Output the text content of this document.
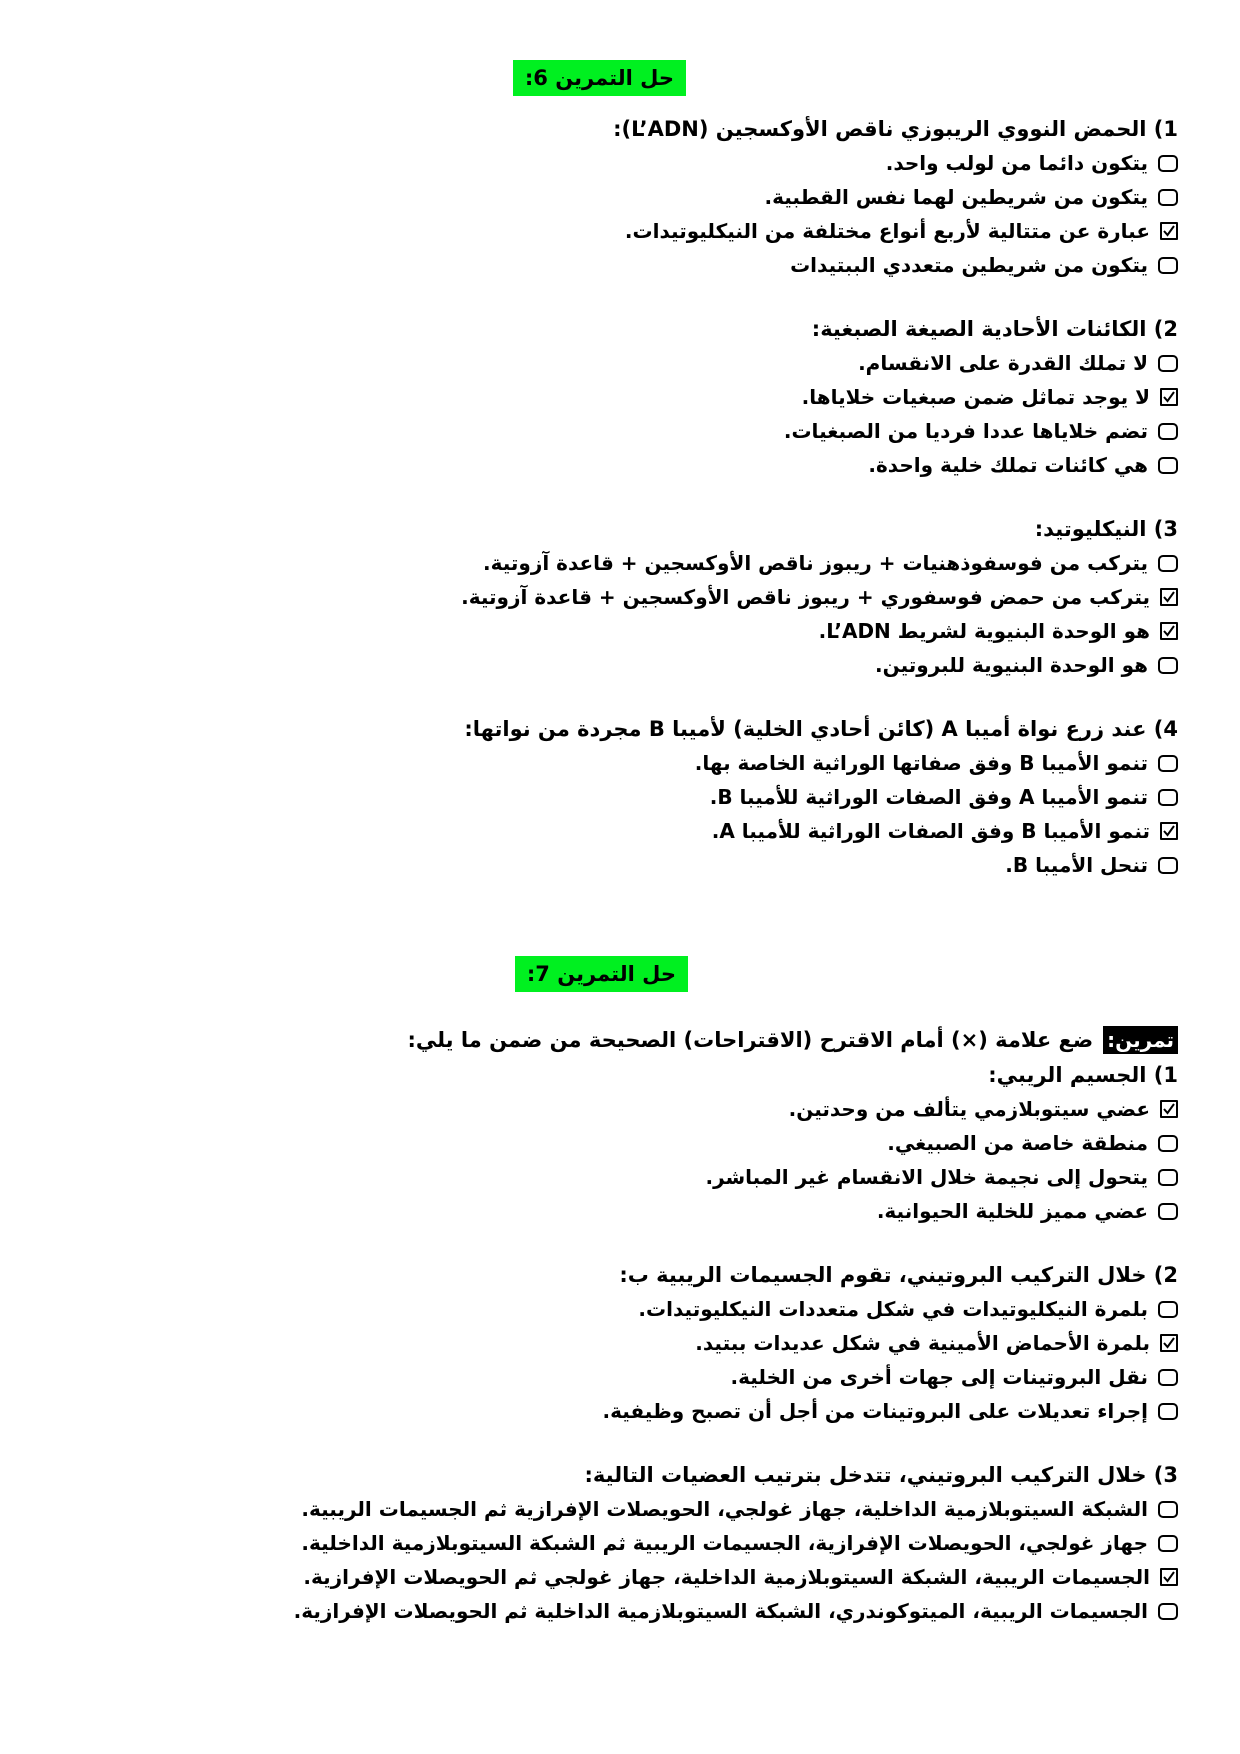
حل التمرين 6:
1) الحمض النووي الريبوزي ناقص الأوكسجين (L’ADN):
يتكون دائما من لولب واحد.
يتكون من شريطين لهما نفس القطبية.
عبارة عن متتالية لأربع أنواع مختلفة من النيكليوتيدات.
يتكون من شريطين متعددي الببتيدات
2) الكائنات الأحادية الصيغة الصبغية:
لا تملك القدرة على الانقسام.
لا يوجد تماثل ضمن صبغيات خلاياها.
تضم خلاياها عددا فرديا من الصبغيات.
هي كائنات تملك خلية واحدة.
3) النيكليوتيد:
يتركب من فوسفوذهنيات + ريبوز ناقص الأوكسجين + قاعدة آزوتية.
يتركب من حمض فوسفوري + ريبوز ناقص الأوكسجين + قاعدة آزوتية.
هو الوحدة البنيوية لشريط L’ADN.
هو الوحدة البنيوية للبروتين.
4) عند زرع نواة أميبا A (كائن أحادي الخلية) لأميبا B مجردة من نواتها:
تنمو الأميبا B وفق صفاتها الوراثية الخاصة بها.
تنمو الأميبا A وفق الصفات الوراثية للأميبا B.
تنمو الأميبا B وفق الصفات الوراثية للأميبا A.
تنحل الأميبا B.
حل التمرين 7:
تمرين:
ضع علامة (×) أمام الاقترح (الاقتراحات) الصحيحة من ضمن ما يلي:
1) الجسيم الريبي:
عضي سيتوبلازمي يتألف من وحدتين.
منطقة خاصة من الصبيغي.
يتحول إلى نجيمة خلال الانقسام غير المباشر.
عضي مميز للخلية الحيوانية.
2) خلال التركيب البروتيني، تقوم الجسيمات الريبية ب:
بلمرة النيكليوتيدات في شكل متعددات النيكليوتيدات.
بلمرة الأحماض الأمينية في شكل عديدات ببتيد.
نقل البروتينات إلى جهات أخرى من الخلية.
إجراء تعديلات على البروتينات من أجل أن تصبح وظيفية.
3) خلال التركيب البروتيني، تتدخل بترتيب العضيات التالية:
الشبكة السيتوبلازمية الداخلية، جهاز غولجي، الحويصلات الإفرازية ثم الجسيمات الريبية.
جهاز غولجي، الحويصلات الإفرازية، الجسيمات الريبية ثم الشبكة السيتوبلازمية الداخلية.
الجسيمات الريبية، الشبكة السيتوبلازمية الداخلية، جهاز غولجي ثم الحويصلات الإفرازية.
الجسيمات الريبية، الميتوكوندري، الشبكة السيتوبلازمية الداخلية ثم الحويصلات الإفرازية.
